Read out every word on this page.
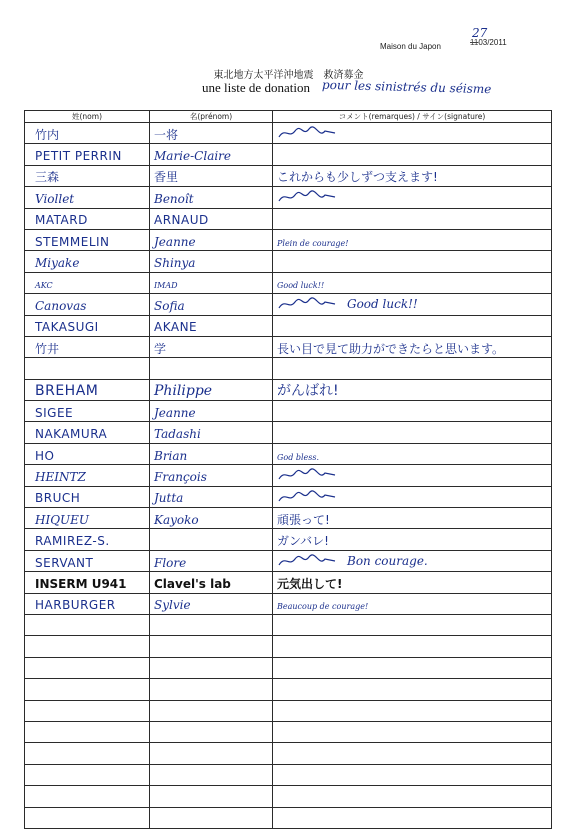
Maison du Japon	11
27
03/2011
東北地方太平洋沖地震　救済募金
une liste de donation pour les sinistrés du séisme
姓(nom)	名(prénom)	コメント(remarques) / サイン(signature)
竹内	一将	

PETIT PERRIN	Marie-Claire	
三森	香里	これからも少しずつ支えます!
Viollet	Benoît	

MATARD	ARNAUD	
STEMMELIN	Jeanne	Plein de courage!
Miyake	Shinya	
AKC	IMAD	Good luck!!
Canovas	Sofia	Good luck!!

TAKASUGI	AKANE	
竹井	学	長い目で見て助力ができたらと思います。

BREHAM	Philippe	がんばれ!
SIGEE	Jeanne	
NAKAMURA	Tadashi	
HO	Brian	God bless.
HEINTZ	François	

BRUCH	Jutta	

HIQUEU	Kayoko	頑張って!
RAMIREZ-S.		ガンバレ!
SERVANT	Flore	Bon courage.

INSERM U941	Clavel's lab	元気出して!
HARBURGER	Sylvie	Beaucoup de courage!
